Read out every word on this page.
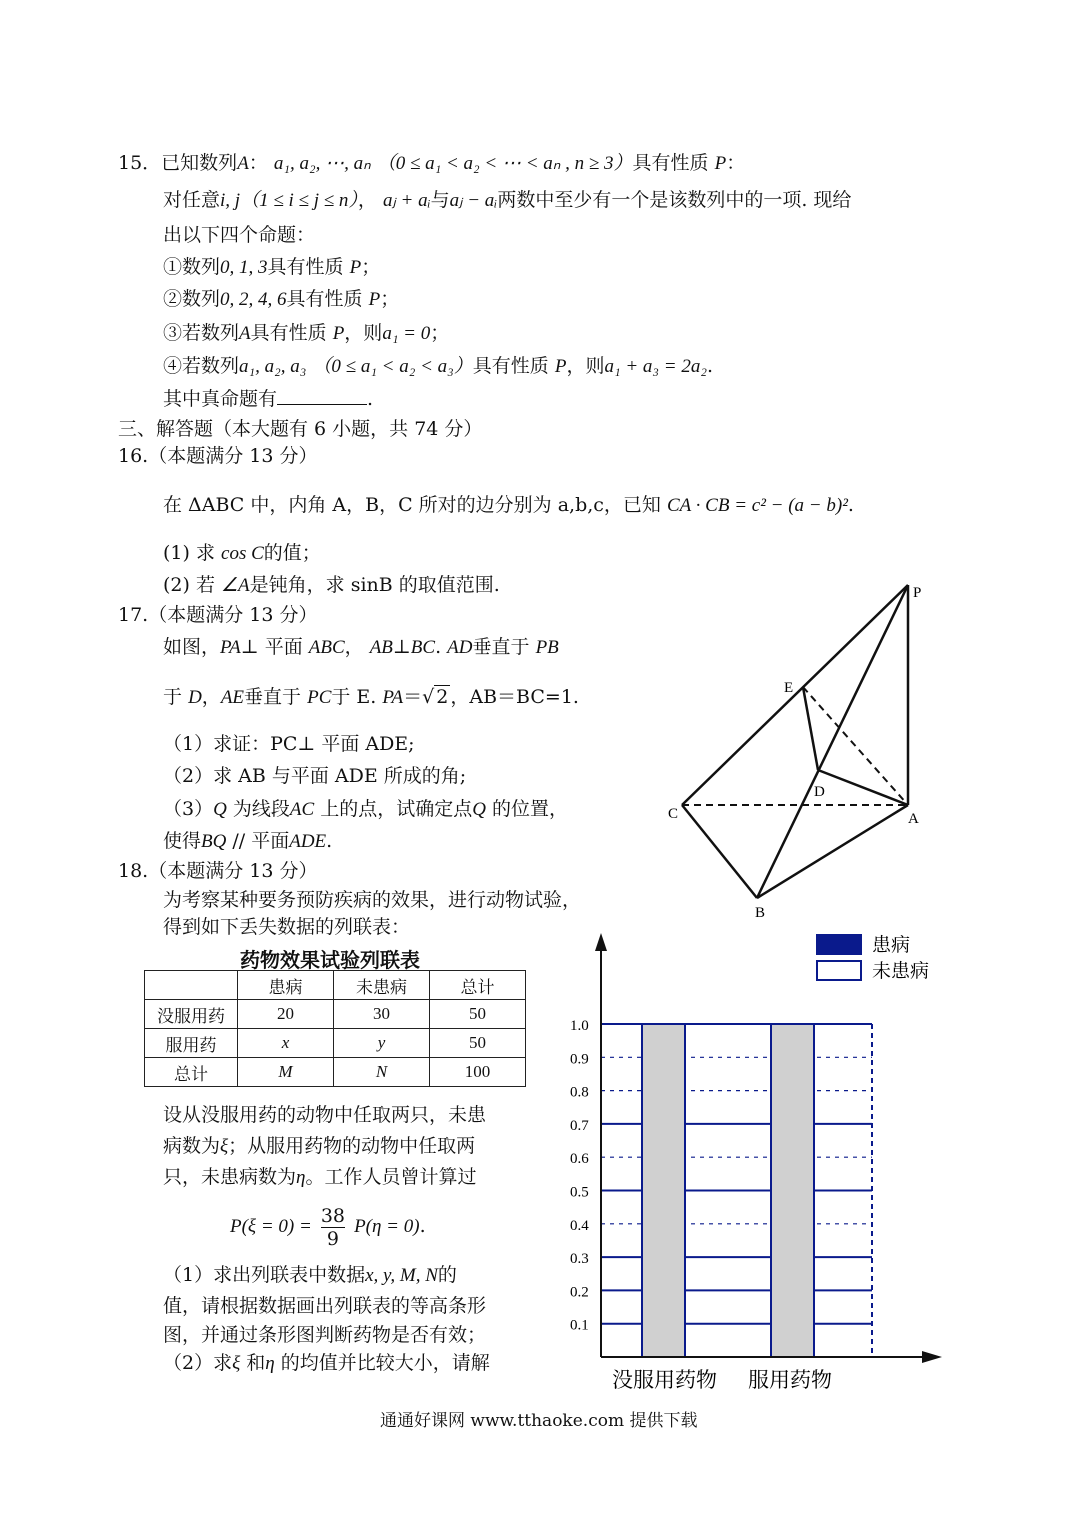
15．已知数列A： a₁, a₂, ⋯, aₙ （0 ≤ a₁ < a₂ < ⋯ < aₙ , n ≥ 3）具有性质 P：
对任意i, j（1 ≤ i ≤ j ≤ n）， aⱼ + aᵢ与aⱼ − aᵢ两数中至少有一个是该数列中的一项. 现给
出以下四个命题：
①数列0, 1, 3具有性质 P；
②数列0, 2, 4, 6具有性质 P；
③若数列A具有性质 P，则a₁ = 0；
④若数列a₁, a₂, a₃ （0 ≤ a₁ < a₂ < a₃）具有性质 P，则a₁ + a₃ = 2a₂.
其中真命题有	.
三、解答题（本大题有 6 小题，共 74 分）
16.（本题满分 13 分）
在 ΔABC 中，内角 A，B，C 所对的边分别为 a,b,c，已知 CA · CB = c² − (a − b)².
(1) 求 cos C的值；
(2) 若 ∠A是钝角，求 sinB 的取值范围.
17.（本题满分 13 分）
如图，PA⊥ 平面 ABC， AB⊥BC. AD垂直于 PB
于 D，AE垂直于 PC于 E. PA＝√ 2 ，AB＝BC=1.
（1）求证：PC⊥ 平面 ADE;
（2）求 AB 与平面 ADE 所成的角;
（3）Q 为线段AC 上的点，试确定点Q 的位置，
使得BQ // 平面ADE.
P
E
D
C	A
B
18.（本题满分 13 分）
为考察某种要务预防疾病的效果，进行动物试验，
得到如下丢失数据的列联表：
药物效果试验列联表
	患病	未患病	总计
没服用药	20	30	50
服用药	x	y	50
总计	M	N	100
设从没服用药的动物中任取两只，未患
病数为ξ；从服用药物的动物中任取两
只，未患病数为η。工作人员曾计算过
$P(\xi = 0) = \frac{38}{9} P(\eta = 0)$.
（1）求出列联表中数据x, y, M, N的
值，请根据数据画出列联表的等高条形
图，并通过条形图判断药物是否有效；
（2）求ξ 和η 的均值并比较大小，请解
0.1
0.2
0.3
0.4
0.5
0.6
0.7
0.8
0.9
1.0
没服用药物 服用药物
患病
未患病
通通好课网 www.tthaoke.com 提供下载
